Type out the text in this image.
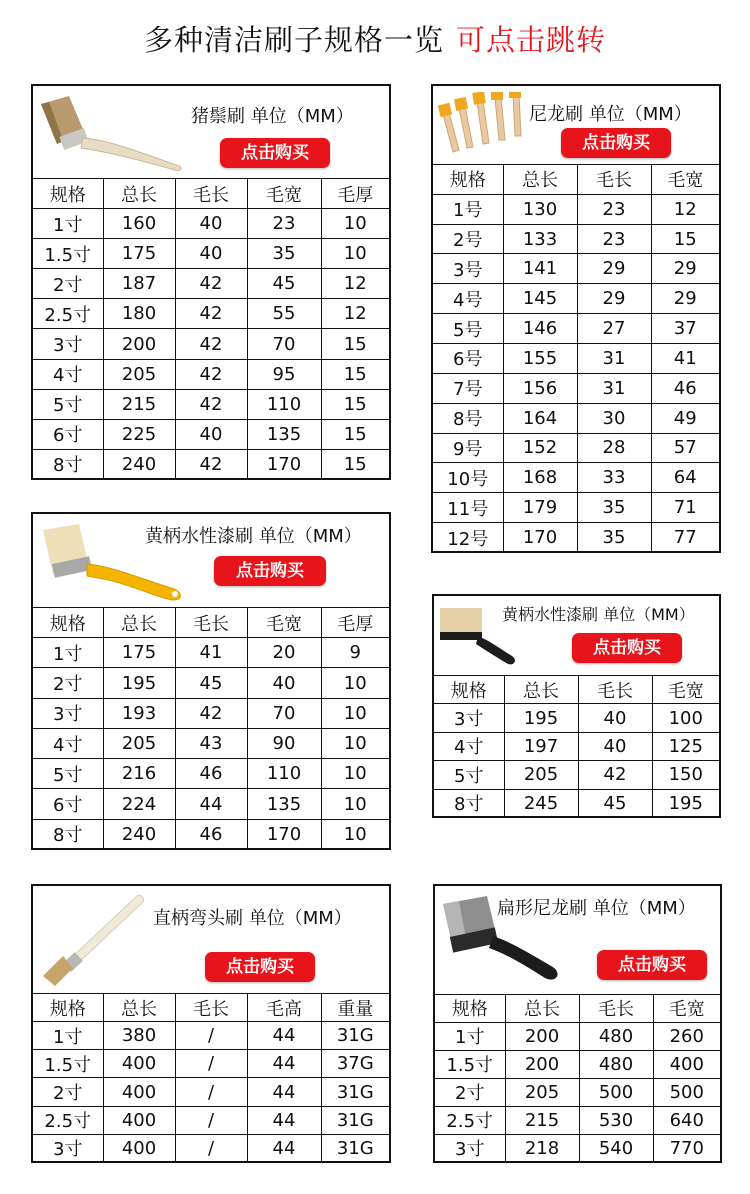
多种清洁刷子规格一览 可点击跳转
猪鬃刷 单位（MM）
点击购买
规格	总长	毛长	毛宽	毛厚
1寸	160	40	23	10
1.5寸	175	40	35	10
2寸	187	42	45	12
2.5寸	180	42	55	12
3寸	200	42	70	15
4寸	205	42	95	15
5寸	215	42	110	15
6寸	225	40	135	15
8寸	240	42	170	15
尼龙刷 单位（MM）
点击购买
规格	总长	毛长	毛宽
1号	130	23	12
2号	133	23	15
3号	141	29	29
4号	145	29	29
5号	146	27	37
6号	155	31	41
7号	156	31	46
8号	164	30	49
9号	152	28	57
10号	168	33	64
11号	179	35	71
12号	170	35	77
黄柄水性漆刷 单位（MM）
点击购买
规格	总长	毛长	毛宽	毛厚
1寸	175	41	20	9
2寸	195	45	40	10
3寸	193	42	70	10
4寸	205	43	90	10
5寸	216	46	110	10
6寸	224	44	135	10
8寸	240	46	170	10
黄柄水性漆刷 单位（MM）
点击购买
规格	总长	毛长	毛宽
3寸	195	40	100
4寸	197	40	125
5寸	205	42	150
8寸	245	45	195
直柄弯头刷 单位（MM）
点击购买
规格	总长	毛长	毛高	重量
1寸	380	/	44	31G
1.5寸	400	/	44	37G
2寸	400	/	44	31G
2.5寸	400	/	44	31G
3寸	400	/	44	31G
扁形尼龙刷 单位（MM）
点击购买
规格	总长	毛长	毛宽
1寸	200	480	260
1.5寸	200	480	400
2寸	205	500	500
2.5寸	215	530	640
3寸	218	540	770
